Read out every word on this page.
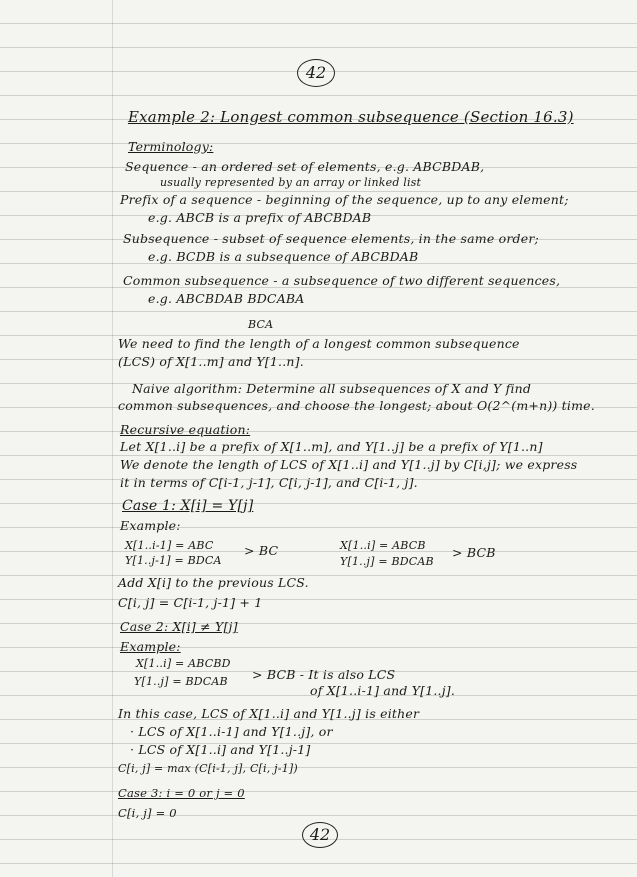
42
Example 2: Longest common subsequence (Section 16.3)
Terminology:
Sequence - an ordered set of elements, e.g. ABCBDAB,
usually represented by an array or linked list
Prefix of a sequence - beginning of the sequence, up to any element;
e.g. ABCB is a prefix of ABCBDAB
Subsequence - subset of sequence elements, in the same order;
e.g. BCDB is a subsequence of ABCBDAB
Common subsequence - a subsequence of two different sequences,
e.g. ABCBDAB BDCABA
BCA
We need to find the length of a longest common subsequence
(LCS) of X[1..m] and Y[1..n].
Naive algorithm: Determine all subsequences of X and Y find
common subsequences, and choose the longest; about O(2^(m+n)) time.
Recursive equation:
Let X[1..i] be a prefix of X[1..m], and Y[1..j] be a prefix of Y[1..n]
We denote the length of LCS of X[1..i] and Y[1..j] by C[i,j]; we express
it in terms of C[i-1, j-1], C[i, j-1], and C[i-1, j].
Case 1: X[i] = Y[j]
Example:
X[1..i-1] = ABC
Y[1..j-1] = BDCA
> BC	X[1..i] = ABCB
Y[1..j] = BDCAB
> BCB
Add X[i] to the previous LCS.
C[i, j] = C[i-1, j-1] + 1
Case 2: X[i] ≠ Y[j]
Example:
X[1..i] = ABCBD
Y[1..j] = BDCAB > BCB - It is also LCS
of X[1..i-1] and Y[1..j].
In this case, LCS of X[1..i] and Y[1..j] is either
· LCS of X[1..i-1] and Y[1..j], or
· LCS of X[1..i] and Y[1..j-1]
C[i, j] = max (C[i-1, j], C[i, j-1])
Case 3: i = 0 or j = 0
C[i, j] = 0
42
